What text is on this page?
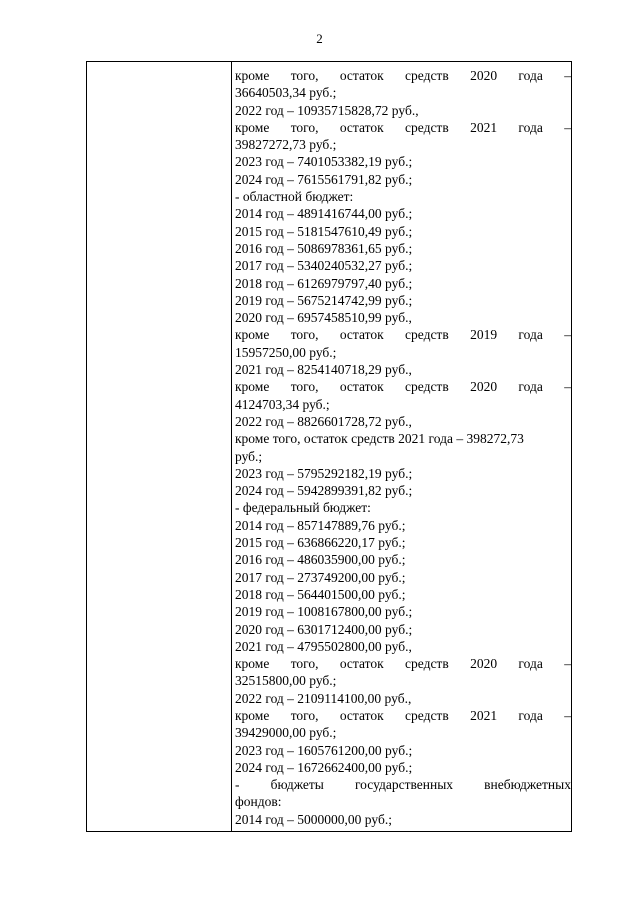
2
кроме того, остаток средств 2020 года –
36640503,34 руб.;
2022 год – 10935715828,72 руб.,
кроме того, остаток средств 2021 года –
39827272,73 руб.;
2023 год – 7401053382,19 руб.;
2024 год – 7615561791,82 руб.;
- областной бюджет:
2014 год – 4891416744,00 руб.;
2015 год – 5181547610,49 руб.;
2016 год – 5086978361,65 руб.;
2017 год – 5340240532,27 руб.;
2018 год – 6126979797,40 руб.;
2019 год – 5675214742,99 руб.;
2020 год – 6957458510,99 руб.,
кроме того, остаток средств 2019 года –
15957250,00 руб.;
2021 год – 8254140718,29 руб.,
кроме того, остаток средств 2020 года –
4124703,34 руб.;
2022 год – 8826601728,72 руб.,
кроме того, остаток средств 2021 года – 398272,73
руб.;
2023 год – 5795292182,19 руб.;
2024 год – 5942899391,82 руб.;
- федеральный бюджет:
2014 год – 857147889,76 руб.;
2015 год – 636866220,17 руб.;
2016 год – 486035900,00 руб.;
2017 год – 273749200,00 руб.;
2018 год – 564401500,00 руб.;
2019 год – 1008167800,00 руб.;
2020 год – 6301712400,00 руб.;
2021 год – 4795502800,00 руб.,
кроме того, остаток средств 2020 года –
32515800,00 руб.;
2022 год – 2109114100,00 руб.,
кроме того, остаток средств 2021 года –
39429000,00 руб.;
2023 год – 1605761200,00 руб.;
2024 год – 1672662400,00 руб.;
- бюджеты государственных внебюджетных
фондов:
2014 год – 5000000,00 руб.;
